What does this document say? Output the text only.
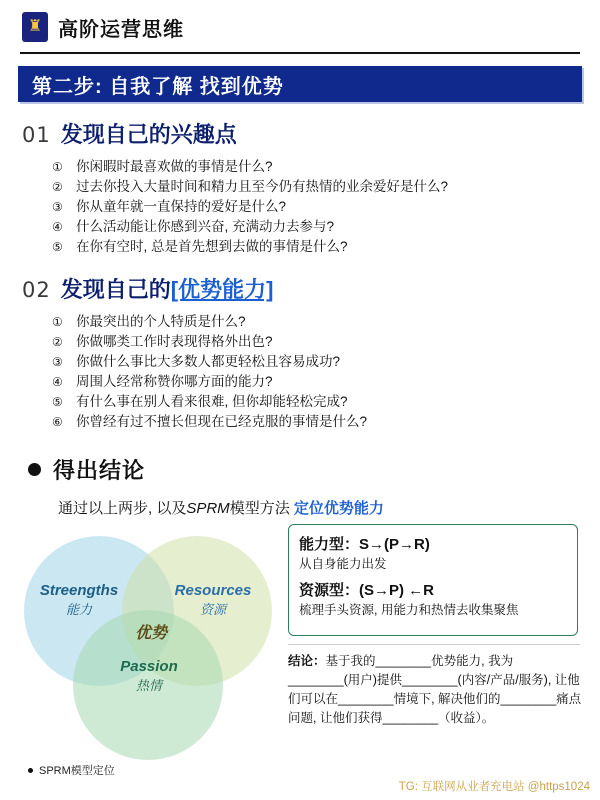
♜ 高阶运营思维
第二步: 自我了解 找到优势
01 发现自己的兴趣点
① 你闲暇时最喜欢做的事情是什么?
② 过去你投入大量时间和精力且至今仍有热情的业余爱好是什么?
③ 你从童年就一直保持的爱好是什么?
④ 什么活动能让你感到兴奋, 充满动力去参与?
⑤ 在你有空时, 总是首先想到去做的事情是什么?
02 发现自己的[优势能力]
① 你最突出的个人特质是什么?
② 你做哪类工作时表现得格外出色?
③ 你做什么事比大多数人都更轻松且容易成功?
④ 周围人经常称赞你哪方面的能力?
⑤ 有什么事在别人看来很难, 但你却能轻松完成?
⑥ 你曾经有过不擅长但现在已经克服的事情是什么?
得出结论
通过以上两步, 以及SPRM模型方法 定位优势能力
Streengths
能力
Resources
资源
Passion
热情
优势
能力型：S→(P→R)
从自身能力出发
资源型：(S→P) ←R
梳理手头资源, 用能力和热情去收集聚焦
结论：基于我的________优势能力, 我为________(用户)提供________(内容/产品/服务), 让他们可以在________情境下, 解决他们的________痛点问题, 让他们获得________（收益）。
SPRM模型定位
TG: 互联网从业者充电站 @https1024
